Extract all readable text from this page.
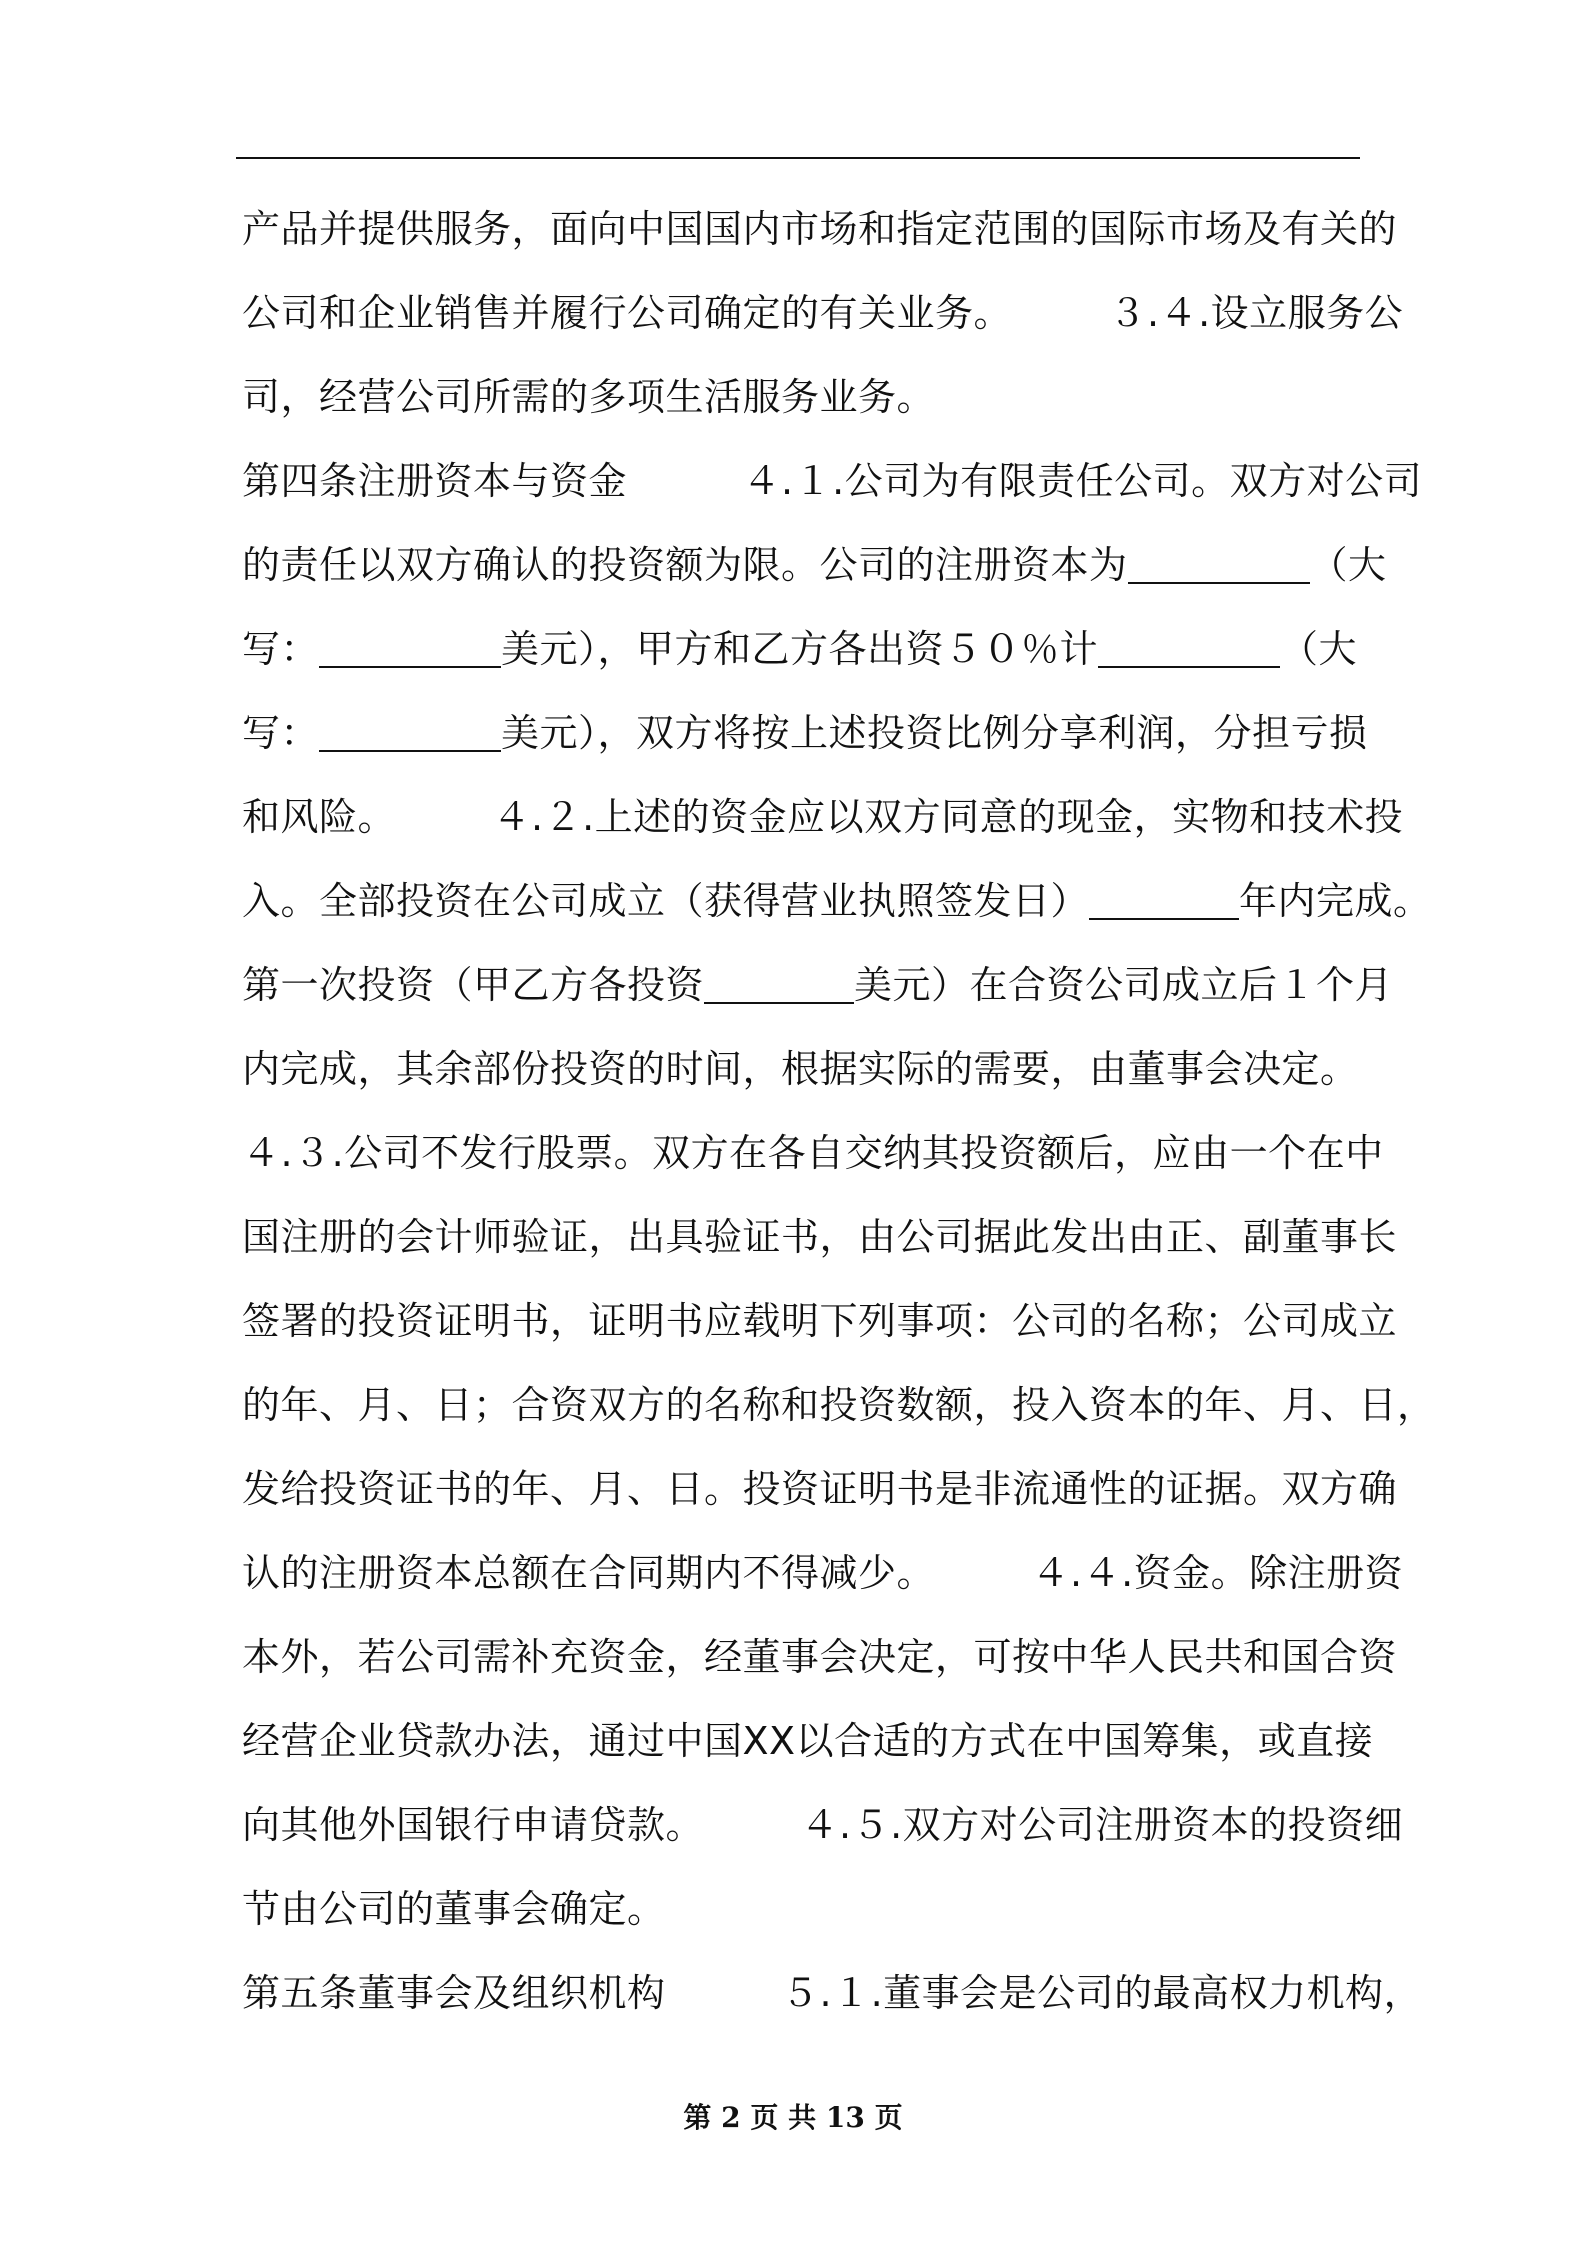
产品并提供服务，面向中国国内市场和指定范围的国际市场及有关的
公司和企业销售并履行公司确定的有关业务。　　　３.４.设立服务公
司，经营公司所需的多项生活服务业务。
第四条注册资本与资金　　　４.１.公司为有限责任公司。双方对公司
的责任以双方确认的投资额为限。公司的注册资本为	（大
写：	美元），甲方和乙方各出资５０％计	（大
写：	美元），双方将按上述投资比例分享利润，分担亏损
和风险。　　　４.２.上述的资金应以双方同意的现金，实物和技术投
入。全部投资在公司成立（获得营业执照签发日）	年内完成。
第一次投资（甲乙方各投资	美元）在合资公司成立后１个月
内完成，其余部份投资的时间，根据实际的需要，由董事会决定。
４.３.公司不发行股票。双方在各自交纳其投资额后，应由一个在中
国注册的会计师验证，出具验证书，由公司据此发出由正、副董事长
签署的投资证明书，证明书应载明下列事项：公司的名称；公司成立
的年、月、日；合资双方的名称和投资数额，投入资本的年、月、日，
发给投资证书的年、月、日。投资证明书是非流通性的证据。双方确
认的注册资本总额在合同期内不得减少。　　　４.４.资金。除注册资
本外，若公司需补充资金，经董事会决定，可按中华人民共和国合资
经营企业贷款办法，通过中国XX以合适的方式在中国筹集，或直接
向其他外国银行申请贷款。　　　４.５.双方对公司注册资本的投资细
节由公司的董事会确定。
第五条董事会及组织机构　　　５.１.董事会是公司的最高权力机构，
第 2 页 共 13 页
